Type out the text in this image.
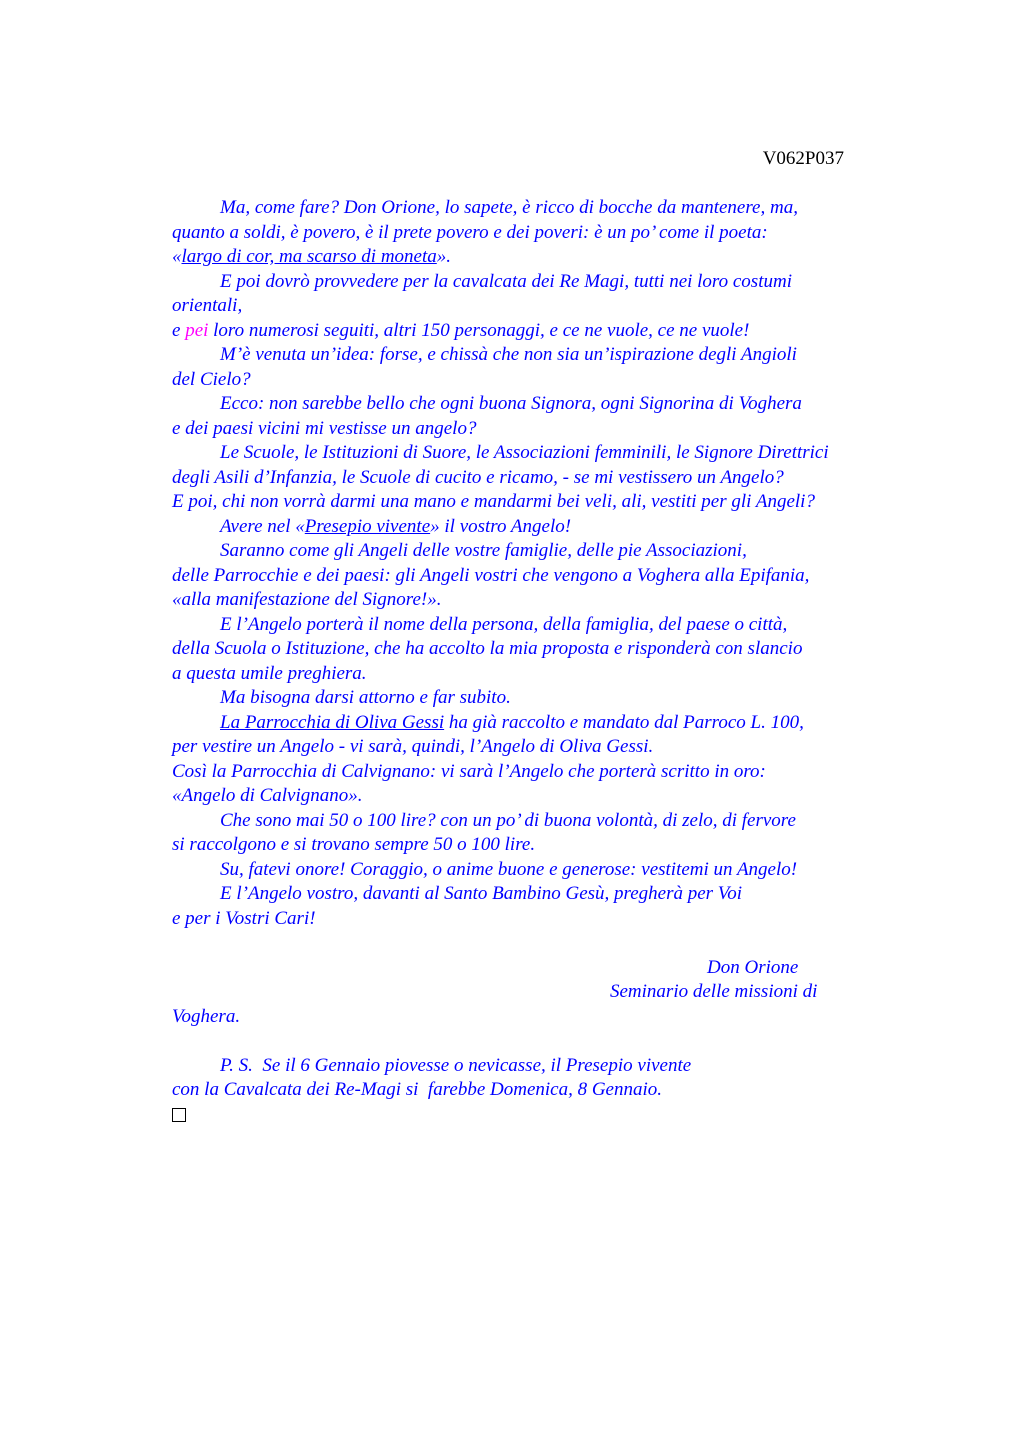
V062P037
Ma, come fare? Don Orione, lo sapete, è ricco di bocche da mantenere, ma,
quanto a soldi, è povero, è il prete povero e dei poveri: è un po’ come il poeta:
«largo di cor, ma scarso di moneta».
E poi dovrò provvedere per la cavalcata dei Re Magi, tutti nei loro costumi
orientali,
e pei loro numerosi seguiti, altri 150 personaggi, e ce ne vuole, ce ne vuole!
M’è venuta un’idea: forse, e chissà che non sia un’ispirazione degli Angioli
del Cielo?
Ecco: non sarebbe bello che ogni buona Signora, ogni Signorina di Voghera
e dei paesi vicini mi vestisse un angelo?
Le Scuole, le Istituzioni di Suore, le Associazioni femminili, le Signore Direttrici
degli Asili d’Infanzia, le Scuole di cucito e ricamo, - se mi vestissero un Angelo?
E poi, chi non vorrà darmi una mano e mandarmi bei veli, ali, vestiti per gli Angeli?
Avere nel «Presepio vivente» il vostro Angelo!
Saranno come gli Angeli delle vostre famiglie, delle pie Associazioni,
delle Parrocchie e dei paesi: gli Angeli vostri che vengono a Voghera alla Epifania,
«alla manifestazione del Signore!».
E l’Angelo porterà il nome della persona, della famiglia, del paese o città,
della Scuola o Istituzione, che ha accolto la mia proposta e risponderà con slancio
a questa umile preghiera.
Ma bisogna darsi attorno e far subito.
La Parrocchia di Oliva Gessi ha già raccolto e mandato dal Parroco L. 100,
per vestire un Angelo - vi sarà, quindi, l’Angelo di Oliva Gessi.
Così la Parrocchia di Calvignano: vi sarà l’Angelo che porterà scritto in oro:
«Angelo di Calvignano».
Che sono mai 50 o 100 lire? con un po’ di buona volontà, di zelo, di fervore
si raccolgono e si trovano sempre 50 o 100 lire.
Su, fatevi onore! Coraggio, o anime buone e generose: vestitemi un Angelo!
E l’Angelo vostro, davanti al Santo Bambino Gesù, pregherà per Voi
e per i Vostri Cari!
Don Orione
Seminario delle missioni di
Voghera.
P. S.  Se il 6 Gennaio piovesse o nevicasse, il Presepio vivente
con la Cavalcata dei Re-Magi si  farebbe Domenica, 8 Gennaio.
